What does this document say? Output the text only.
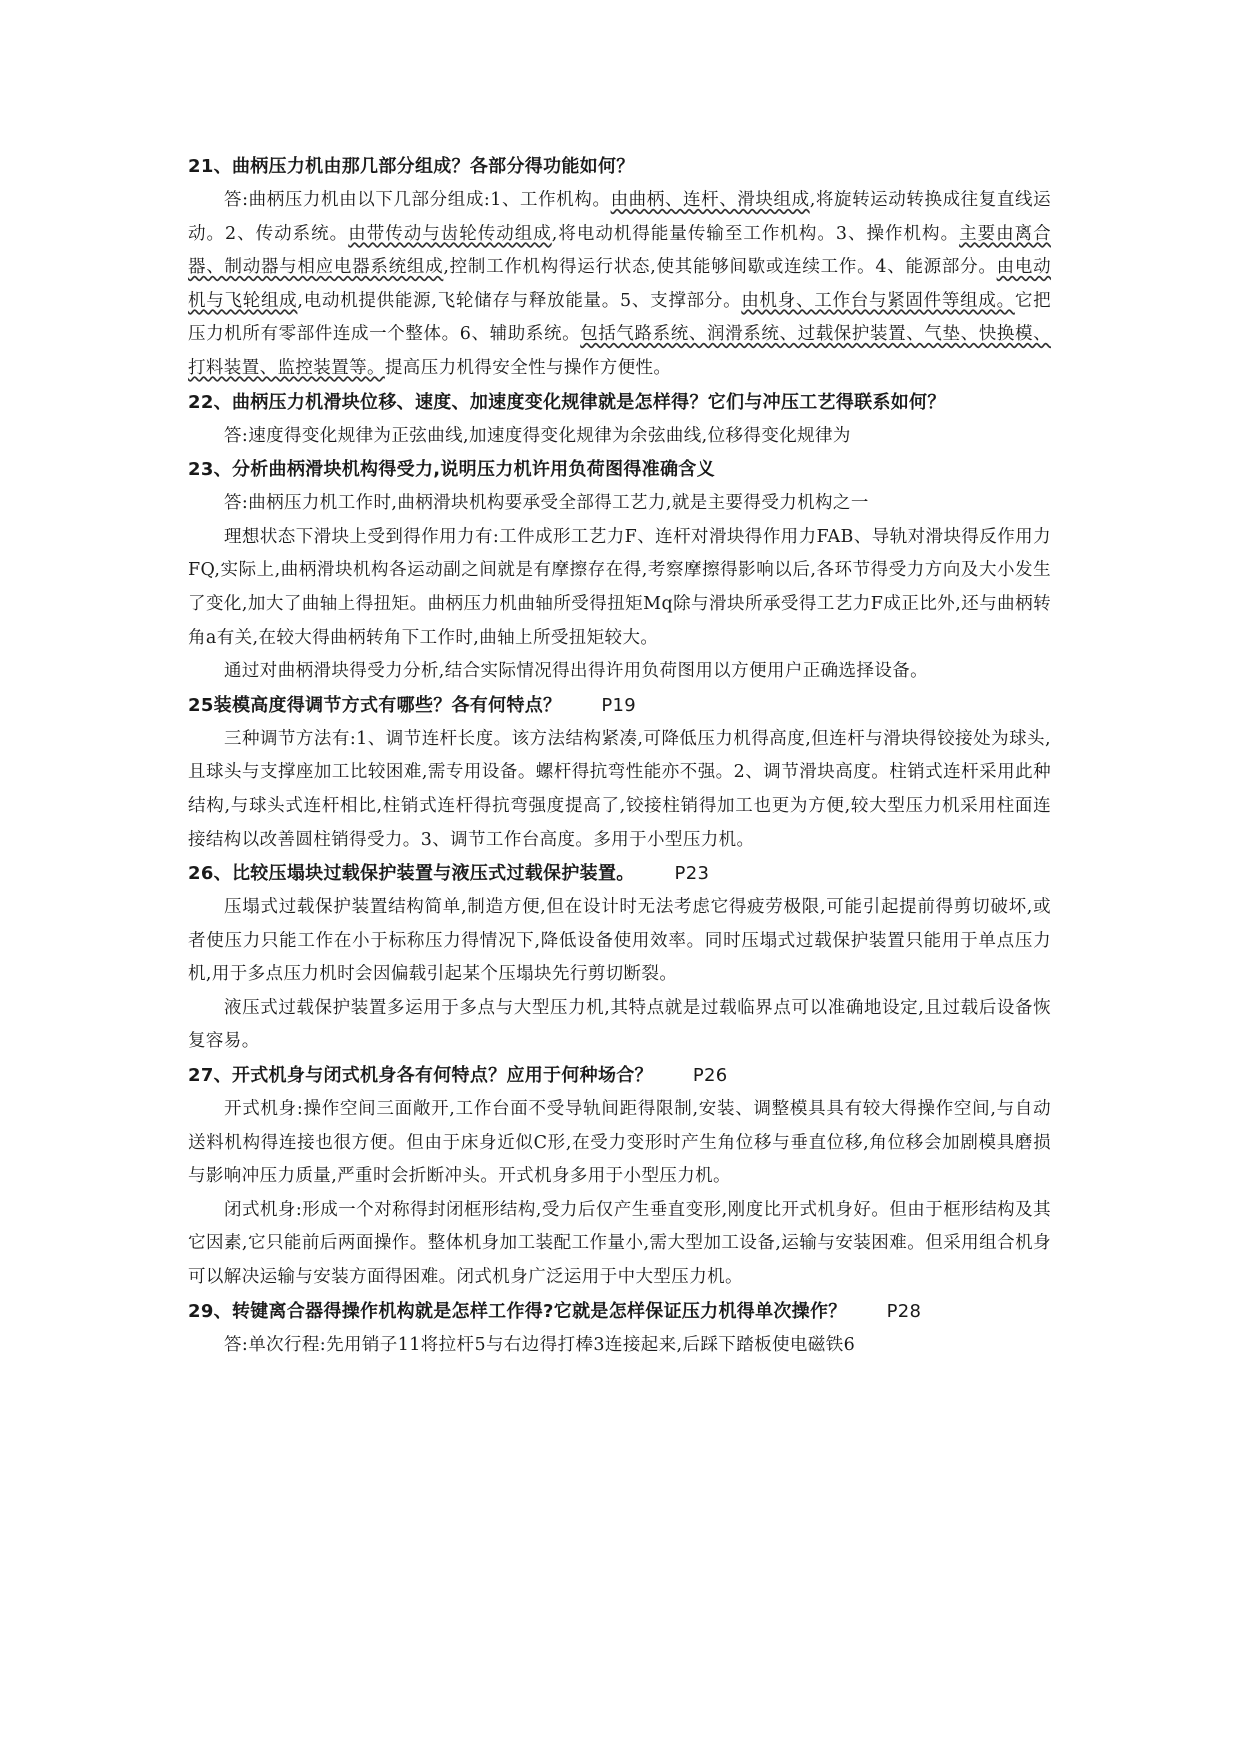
21、曲柄压力机由那几部分组成？各部分得功能如何？

答:曲柄压力机由以下几部分组成:1、工作机构。由曲柄、连杆、滑块组成,将旋转运动转换成往复直线运动。2、传动系统。由带传动与齿轮传动组成,将电动机得能量传输至工作机构。3、操作机构。主要由离合器、制动器与相应电器系统组成,控制工作机构得运行状态,使其能够间歇或连续工作。4、能源部分。由电动机与飞轮组成,电动机提供能源,飞轮储存与释放能量。5、支撑部分。由机身、工作台与紧固件等组成。它把压力机所有零部件连成一个整体。6、辅助系统。包括气路系统、润滑系统、过载保护装置、气垫、快换模、打料装置、监控装置等。提高压力机得安全性与操作方便性。

22、曲柄压力机滑块位移、速度、加速度变化规律就是怎样得？它们与冲压工艺得联系如何？

答:速度得变化规律为正弦曲线,加速度得变化规律为余弦曲线,位移得变化规律为

23、分析曲柄滑块机构得受力,说明压力机许用负荷图得准确含义

答:曲柄压力机工作时,曲柄滑块机构要承受全部得工艺力,就是主要得受力机构之一

理想状态下滑块上受到得作用力有:工件成形工艺力F、连杆对滑块得作用力FAB、导轨对滑块得反作用力FQ,实际上,曲柄滑块机构各运动副之间就是有摩擦存在得,考察摩擦得影响以后,各环节得受力方向及大小发生了变化,加大了曲轴上得扭矩。曲柄压力机曲轴所受得扭矩Mq除与滑块所承受得工艺力F成正比外,还与曲柄转角a有关,在较大得曲柄转角下工作时,曲轴上所受扭矩较大。

通过对曲柄滑块得受力分析,结合实际情况得出得许用负荷图用以方便用户正确选择设备。

25装模高度得调节方式有哪些？各有何特点？ P19

三种调节方法有:1、调节连杆长度。该方法结构紧凑,可降低压力机得高度,但连杆与滑块得铰接处为球头,且球头与支撑座加工比较困难,需专用设备。螺杆得抗弯性能亦不强。2、调节滑块高度。柱销式连杆采用此种结构,与球头式连杆相比,柱销式连杆得抗弯强度提高了,铰接柱销得加工也更为方便,较大型压力机采用柱面连接结构以改善圆柱销得受力。3、调节工作台高度。多用于小型压力机。

26、比较压塌块过载保护装置与液压式过载保护装置。 P23

压塌式过载保护装置结构简单,制造方便,但在设计时无法考虑它得疲劳极限,可能引起提前得剪切破坏,或者使压力只能工作在小于标称压力得情况下,降低设备使用效率。同时压塌式过载保护装置只能用于单点压力机,用于多点压力机时会因偏载引起某个压塌块先行剪切断裂。

液压式过载保护装置多运用于多点与大型压力机,其特点就是过载临界点可以准确地设定,且过载后设备恢复容易。

27、开式机身与闭式机身各有何特点？应用于何种场合？ P26

开式机身:操作空间三面敞开,工作台面不受导轨间距得限制,安装、调整模具具有较大得操作空间,与自动送料机构得连接也很方便。但由于床身近似C形,在受力变形时产生角位移与垂直位移,角位移会加剧模具磨损与影响冲压力质量,严重时会折断冲头。开式机身多用于小型压力机。

闭式机身:形成一个对称得封闭框形结构,受力后仅产生垂直变形,刚度比开式机身好。但由于框形结构及其它因素,它只能前后两面操作。整体机身加工装配工作量小,需大型加工设备,运输与安装困难。但采用组合机身可以解决运输与安装方面得困难。闭式机身广泛运用于中大型压力机。

29、转键离合器得操作机构就是怎样工作得?它就是怎样保证压力机得单次操作？ P28

答:单次行程:先用销子11将拉杆5与右边得打棒3连接起来,后踩下踏板使电磁铁6
